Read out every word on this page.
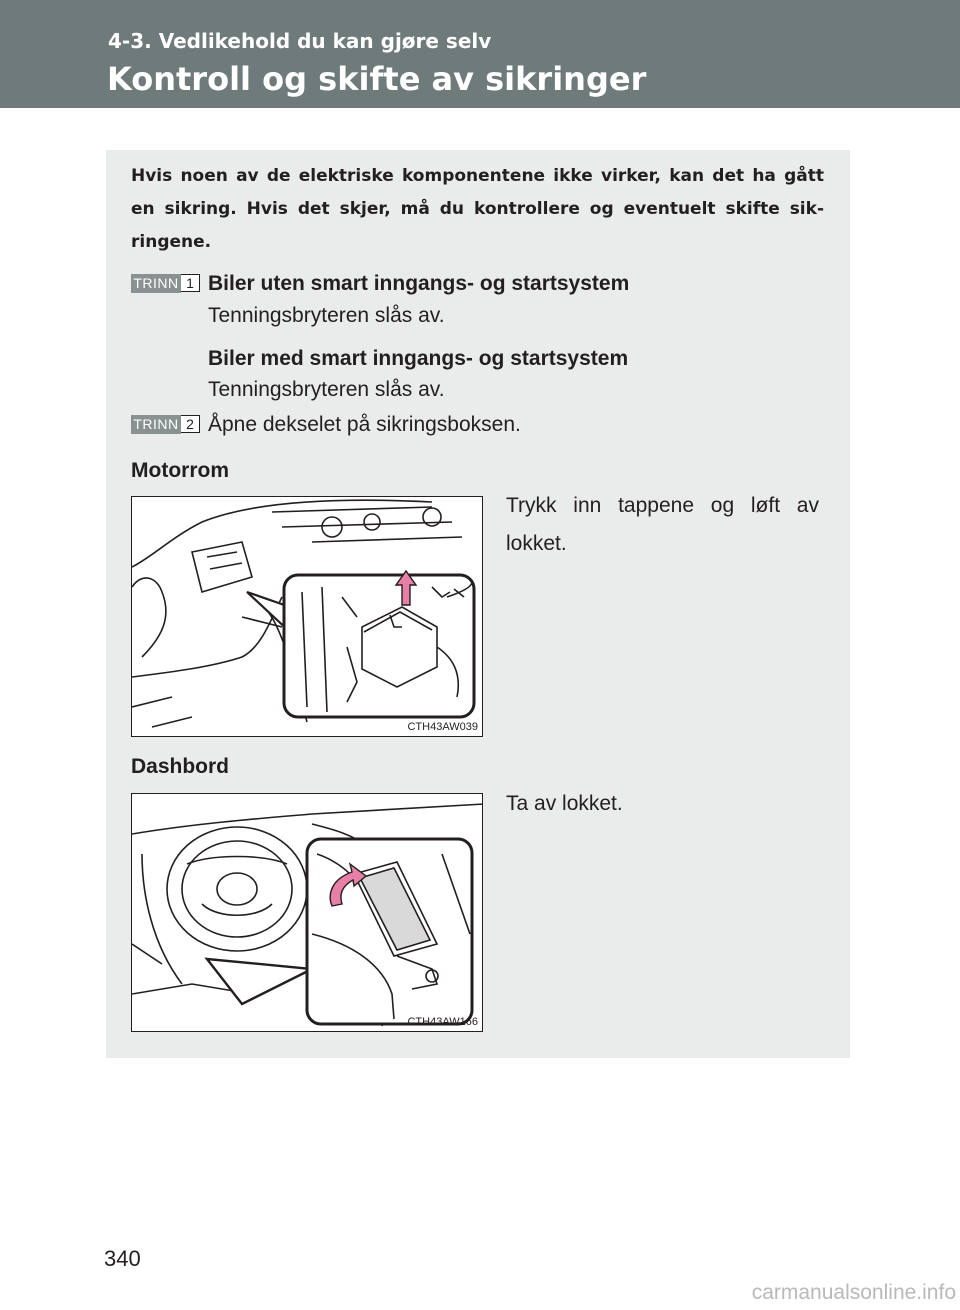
4-3. Vedlikehold du kan gjøre selv
Kontroll og skifte av sikringer

Hvis noen av de elektriske komponentene ikke virker, kan det ha gått en sikring. Hvis det skjer, må du kontrollere og eventuelt skifte sik-ringene.

TRINN 1 Biler uten smart inngangs- og startsystem

Tenningsbryteren slås av.

Biler med smart inngangs- og startsystem

Tenningsbryteren slås av.

TRINN 2 Åpne dekselet på sikringsboksen.

Motorrom

CTH43AW039

Trykk inn tappene og løft av lokket.

Dashbord

CTH43AW166

Ta av lokket.

340
carmanualsonline.info
